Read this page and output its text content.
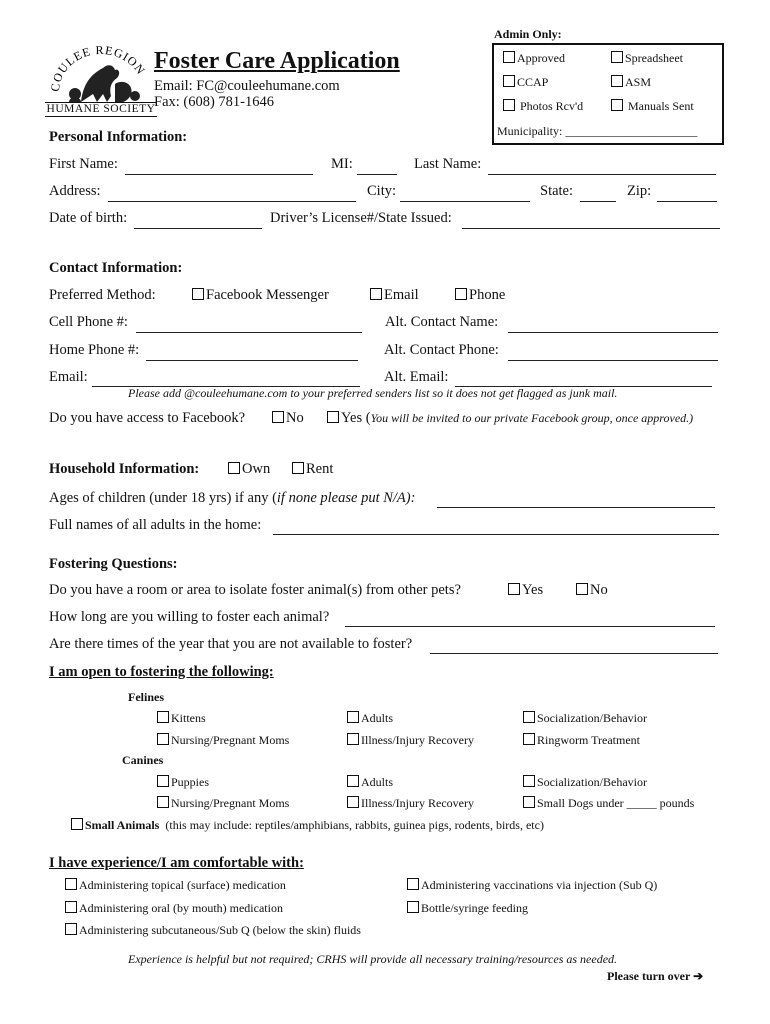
COULEE REGION
HUMANE SOCIETY
Foster Care Application
Email: FC@couleehumane.com
Fax: (608) 781-1646
Admin Only:
Approved	Spreadsheet
CCAP	ASM
Photos Rcv'd	Manuals Sent
Municipality: ______________________
Personal Information:
First Name:	MI:	Last Name:
Address:	City:	State:	Zip:
Date of birth:	Driver’s License#/State Issued:
Contact Information:
Preferred Method:	Facebook Messenger	Email	Phone
Cell Phone #:	Alt. Contact Name:
Home Phone #:	Alt. Contact Phone:
Email:	Alt. Email:
Please add @couleehumane.com to your preferred senders list so it does not get flagged as junk mail.
Do you have access to Facebook?	No	Yes (You will be invited to our private Facebook group, once approved.)
Household Information:	Own	Rent
Ages of children (under 18 yrs) if any (if none please put N/A):
Full names of all adults in the home:
Fostering Questions:
Do you have a room or area to isolate foster animal(s) from other pets?	Yes	No
How long are you willing to foster each animal?
Are there times of the year that you are not available to foster?
I am open to fostering the following:
Felines
Kittens	Adults	Socialization/Behavior
Nursing/Pregnant Moms	Illness/Injury Recovery	Ringworm Treatment
Canines
Puppies	Adults	Socialization/Behavior
Nursing/Pregnant Moms	Illness/Injury Recovery	Small Dogs under _____ pounds
Small Animals (this may include: reptiles/amphibians, rabbits, guinea pigs, rodents, birds, etc)
I have experience/I am comfortable with:
Administering topical (surface) medication	Administering vaccinations via injection (Sub Q)
Administering oral (by mouth) medication	Bottle/syringe feeding
Administering subcutaneous/Sub Q (below the skin) fluids
Experience is helpful but not required; CRHS will provide all necessary training/resources as needed.
Please turn over ➔
